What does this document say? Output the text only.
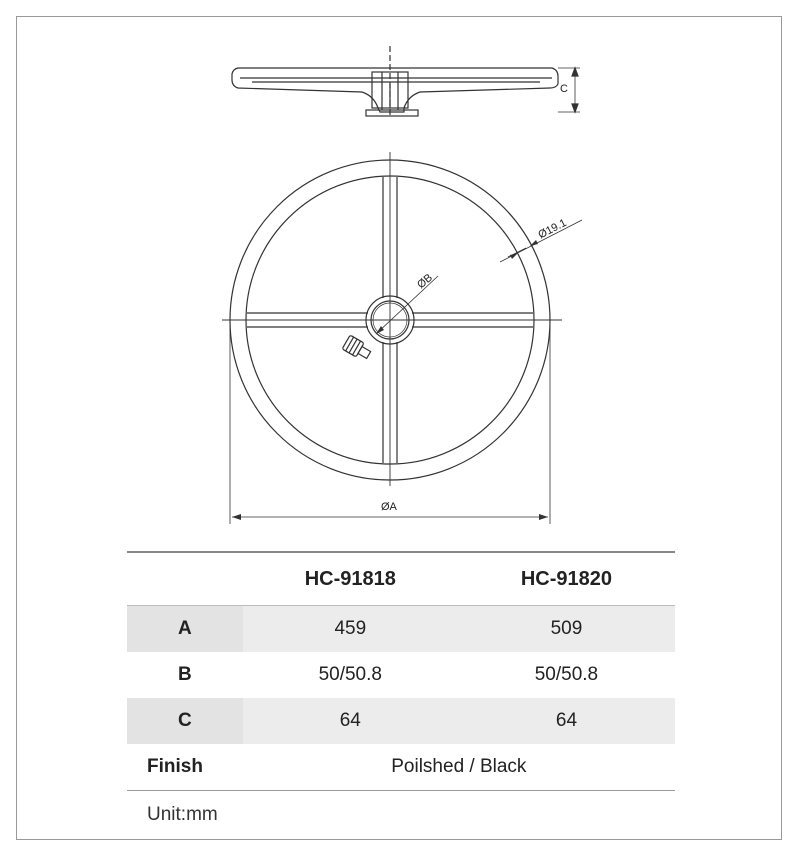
C
ØB
Ø19.1
ØA
	HC-91818	HC-91820
A	459	509
B	50/50.8	50/50.8
C	64	64
Finish	Poilshed / Black	
Unit:mm
